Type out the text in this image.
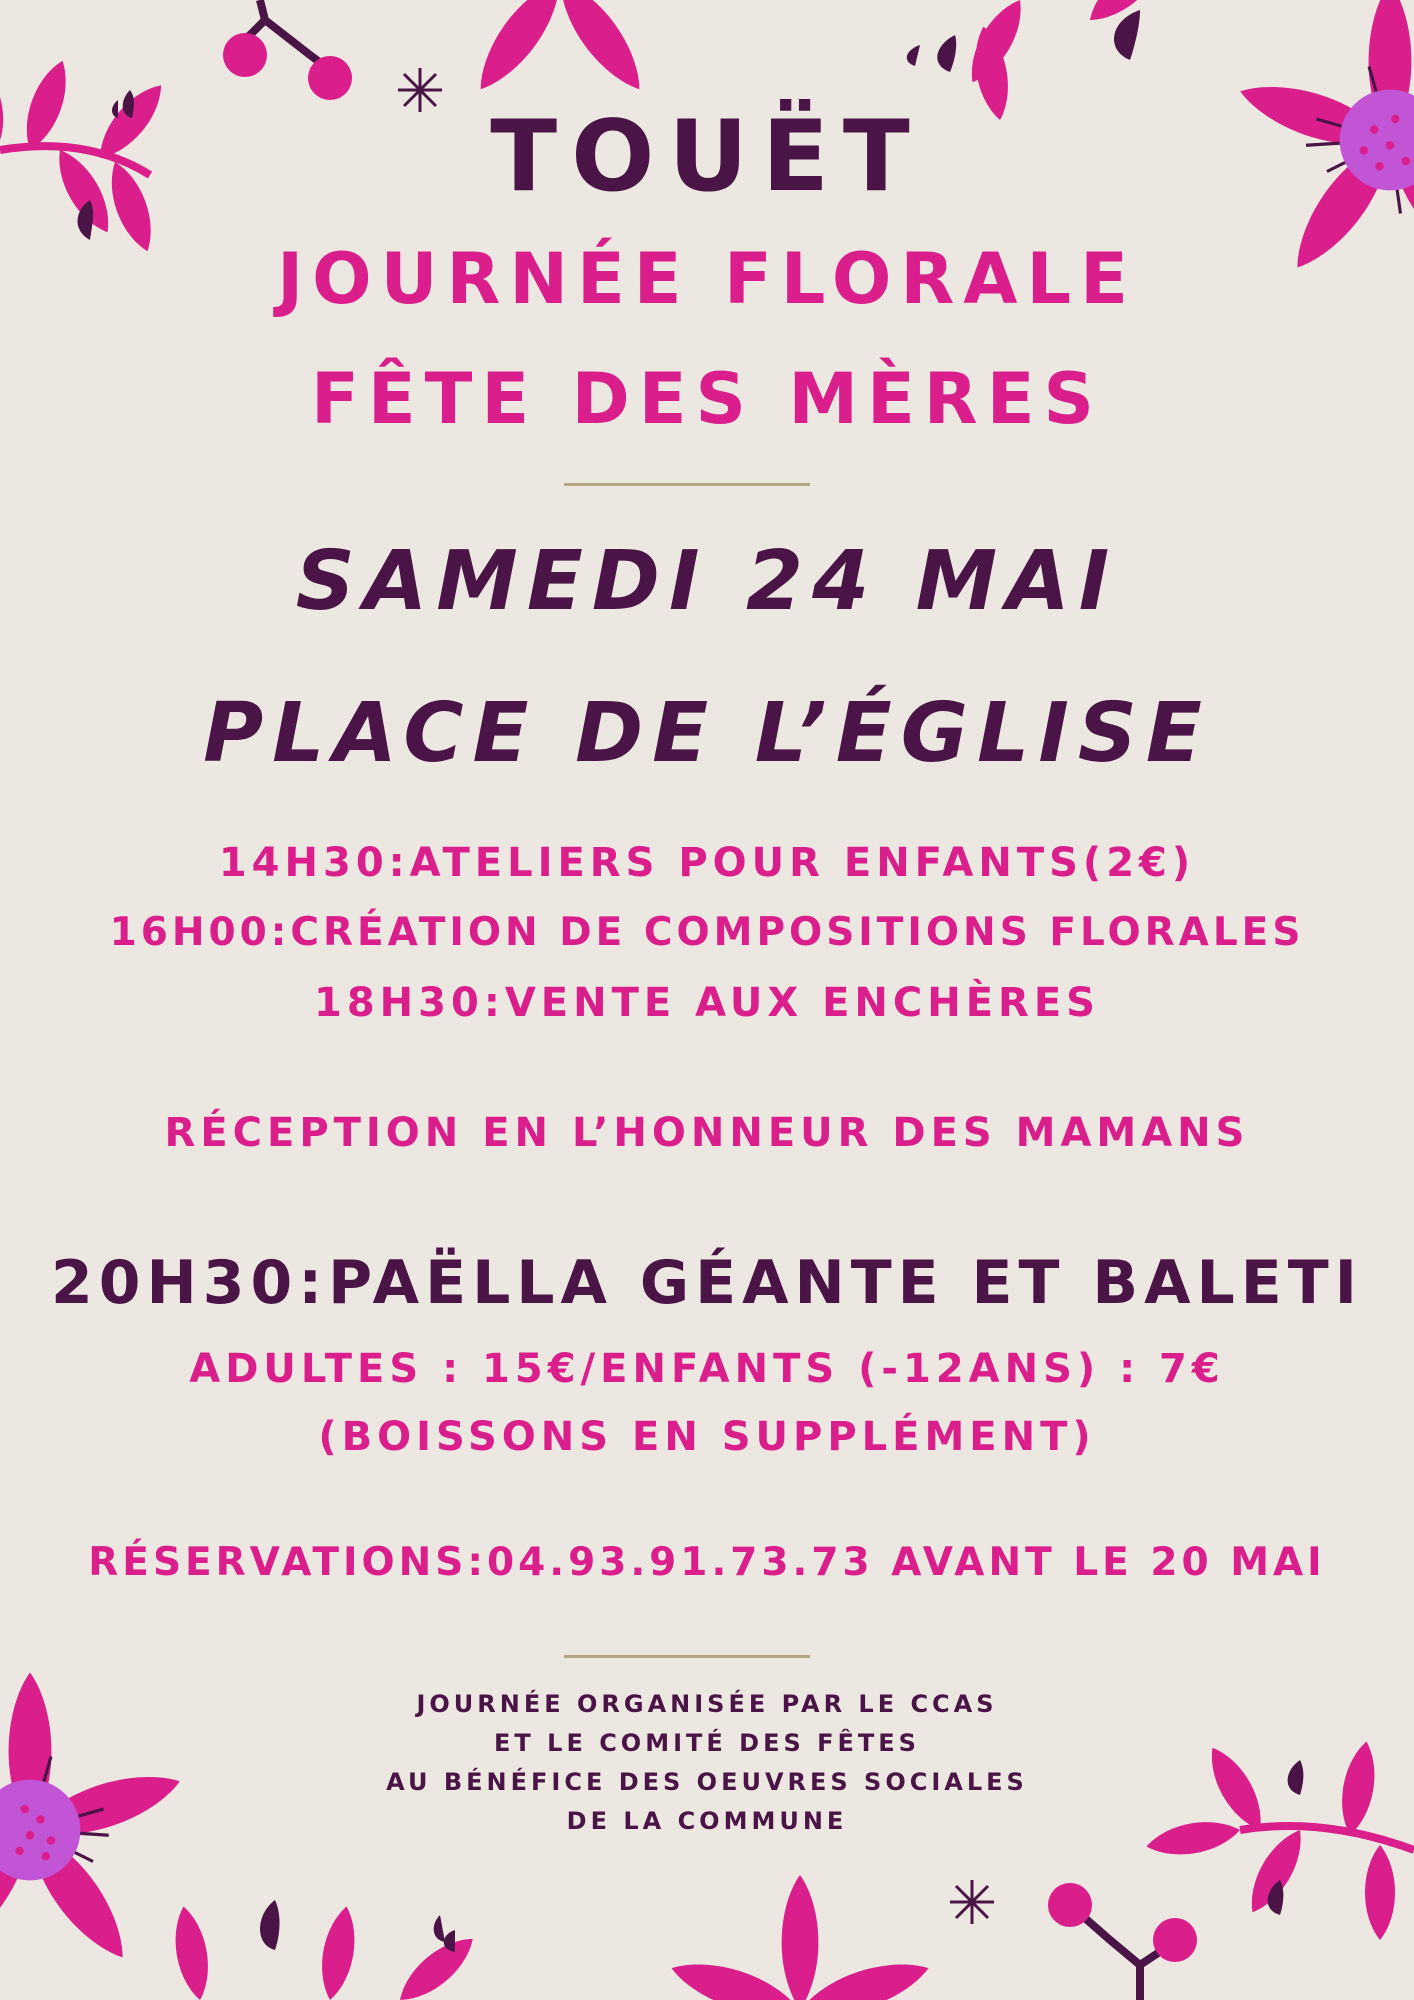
TOUËT
JOURNÉE FLORALE
FÊTE DES MÈRES
SAMEDI 24 MAI
PLACE DE L’ÉGLISE
14H30:ATELIERS POUR ENFANTS(2€)
16H00:CRÉATION DE COMPOSITIONS FLORALES
18H30:VENTE AUX ENCHÈRES
RÉCEPTION EN L’HONNEUR DES MAMANS
20H30:PAËLLA GÉANTE ET BALETI
ADULTES : 15€/ENFANTS (-12ANS) : 7€
(BOISSONS EN SUPPLÉMENT)
RÉSERVATIONS:04.93.91.73.73 AVANT LE 20 MAI
JOURNÉE ORGANISÉE PAR LE CCAS
ET LE COMITÉ DES FÊTES
AU BÉNÉFICE DES OEUVRES SOCIALES
DE LA COMMUNE
